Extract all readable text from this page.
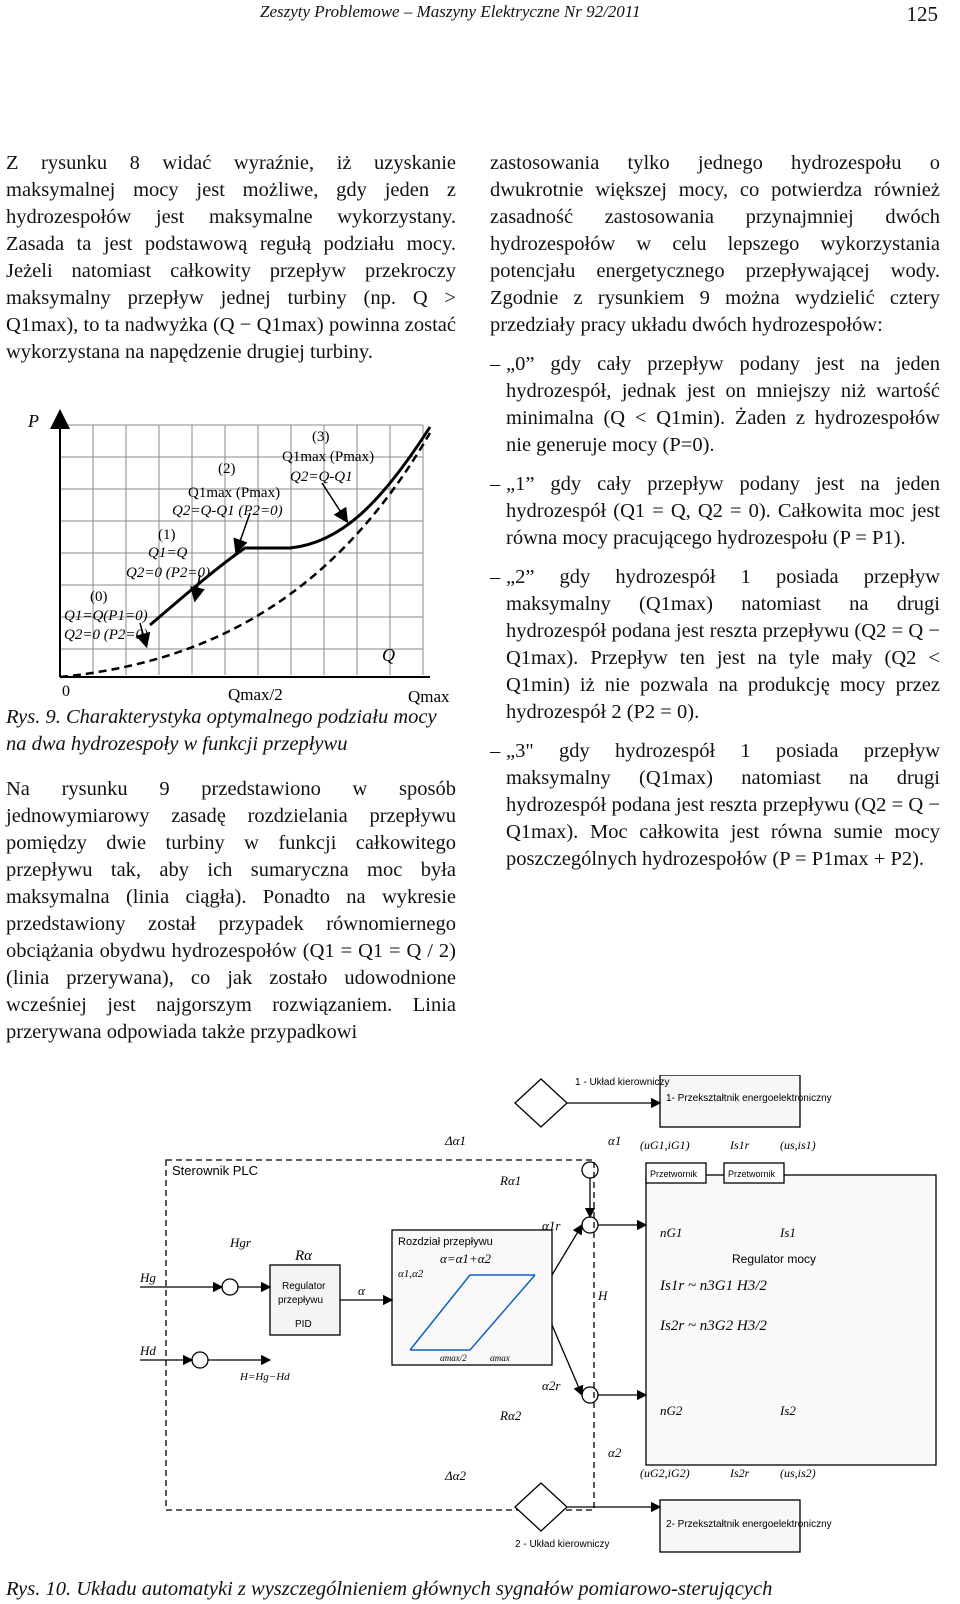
Zeszyty Problemowe – Maszyny Elektryczne Nr 92/2011	125

Z rysunku 8 widać wyraźnie, iż uzyskanie maksymalnej mocy jest możliwe, gdy jeden z hydrozespołów jest maksymalne wykorzystany. Zasada ta jest podstawową regułą podziału mocy. Jeżeli natomiast całkowity przepływ przekroczy maksymalny przepływ jednej turbiny (np. Q > Q1max), to ta nadwyżka (Q − Q1max) powinna zostać wykorzystana na napędzenie drugiej turbiny.

Na rysunku 9 przedstawiono w sposób jednowymiarowy zasadę rozdzielania przepływu pomiędzy dwie turbiny w funkcji całkowitego przepływu tak, aby ich sumaryczna moc była maksymalna (linia ciągła). Ponadto na wykresie przedstawiony został przypadek równomiernego obciążania obydwu hydrozespołów (Q1 = Q1 = Q / 2) (linia przerywana), co jak zostało udowodnione wcześniej jest najgorszym rozwiązaniem. Linia przerywana odpowiada także przypadkowi

P
Q
0	Qmax/2	Qmax
(0)
Q1=Q(P1=0)
Q2=0 (P2=0)
(1)
Q1=Q
Q2=0 (P2=0)
(2)
Q1max (Pmax)
Q2=Q-Q1 (P2=0)
(3)
Q1max (Pmax)
Q2=Q-Q1
Rys. 9. Charakterystyka optymalnego podziału mocy na dwa hydrozespoły w funkcji przepływu

zastosowania tylko jednego hydrozespołu o dwukrotnie większej mocy, co potwierdza również zasadność zastosowania przynajmniej dwóch hydrozespołów w celu lepszego wykorzystania potencjału energetycznego przepływającej wody. Zgodnie z rysunkiem 9 można wydzielić cztery przedziały pracy układu dwóch hydrozespołów:

– „0” gdy cały przepływ podany jest na jeden hydrozespół, jednak jest on mniejszy niż wartość minimalna (Q < Q1min). Żaden z hydrozespołów nie generuje mocy (P=0).
– „1” gdy cały przepływ podany jest na jeden hydrozespół (Q1 = Q, Q2 = 0). Całkowita moc jest równa mocy pracującego hydrozespołu (P = P1).
– „2” gdy hydrozespół 1 posiada przepływ maksymalny (Q1max) natomiast na drugi hydrozespół podana jest reszta przepływu (Q2 = Q − Q1max). Przepływ ten jest na tyle mały (Q2 < Q1min) iż nie pozwala na produkcję mocy przez hydrozespół 2 (P2 = 0).
– „3" gdy hydrozespół 1 posiada przepływ maksymalny (Q1max) natomiast na drugi hydrozespół podana jest reszta przepływu (Q2 = Q − Q1max). Moc całkowita jest równa sumie mocy poszczególnych hydrozespołów (P = P1max + P2).
Sterownik PLC
Regulator
przepływu
PID
Rozdział przepływu
Regulator mocy
1- Przekształtnik energoelektroniczny
2- Przekształtnik energoelektroniczny
1 - Układ kierowniczy
2 - Układ kierowniczy
Przetwornik	Przetwornik
Hg
Hd
Hgr
Rα
α
H=Hg−Hd
α=α1+α2
α1,α2
αmax/2	αmax
Δα1
Δα2
Rα1
Rα2
α1r
α2r
α1
α2
H
(uG1,iG1)
(uG2,iG2)
(us,is1)
(us,is2)
Is1r
Is2r
nG1	Is1
nG2	Is2
Is1r ~ n3G1 H3/2
Is2r ~ n3G2 H3/2
Rys. 10. Układu automatyki z wyszczególnieniem głównych sygnałów pomiarowo-sterujących
